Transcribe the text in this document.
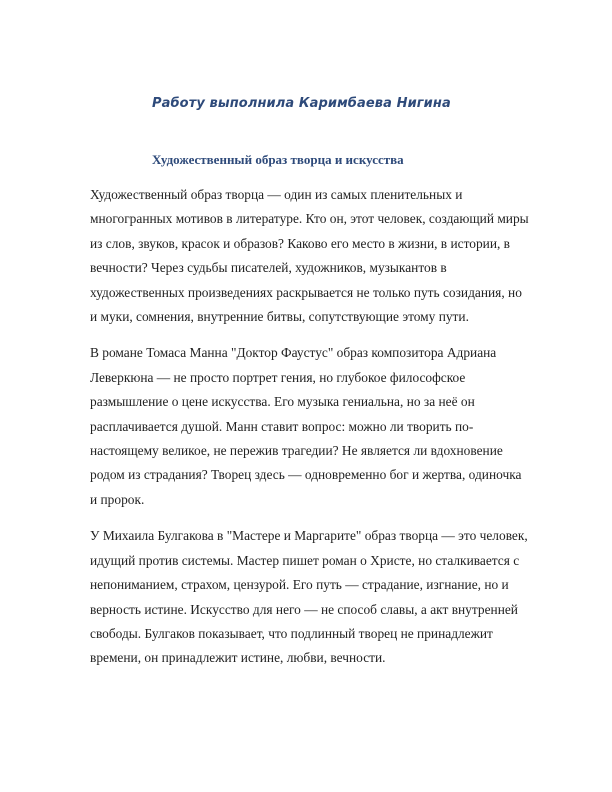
Работу выполнила Каримбаева Нигина
Художественный образ творца и искусства

Художественный образ творца — один из самых пленительных и многогранных мотивов в литературе. Кто он, этот человек, создающий миры из слов, звуков, красок и образов? Каково его место в жизни, в истории, в вечности? Через судьбы писателей, художников, музыкантов в художественных произведениях раскрывается не только путь созидания, но и муки, сомнения, внутренние битвы, сопутствующие этому пути.

В романе Томаса Манна "Доктор Фаустус" образ композитора Адриана Леверкюна — не просто портрет гения, но глубокое философское размышление о цене искусства. Его музыка гениальна, но за неё он расплачивается душой. Манн ставит вопрос: можно ли творить по-настоящему великое, не пережив трагедии? Не является ли вдохновение родом из страдания? Творец здесь — одновременно бог и жертва, одиночка и пророк.

У Михаила Булгакова в "Мастере и Маргарите" образ творца — это человек, идущий против системы. Мастер пишет роман о Христе, но сталкивается с непониманием, страхом, цензурой. Его путь — страдание, изгнание, но и верность истине. Искусство для него — не способ славы, а акт внутренней свободы. Булгаков показывает, что подлинный творец не принадлежит времени, он принадлежит истине, любви, вечности.
